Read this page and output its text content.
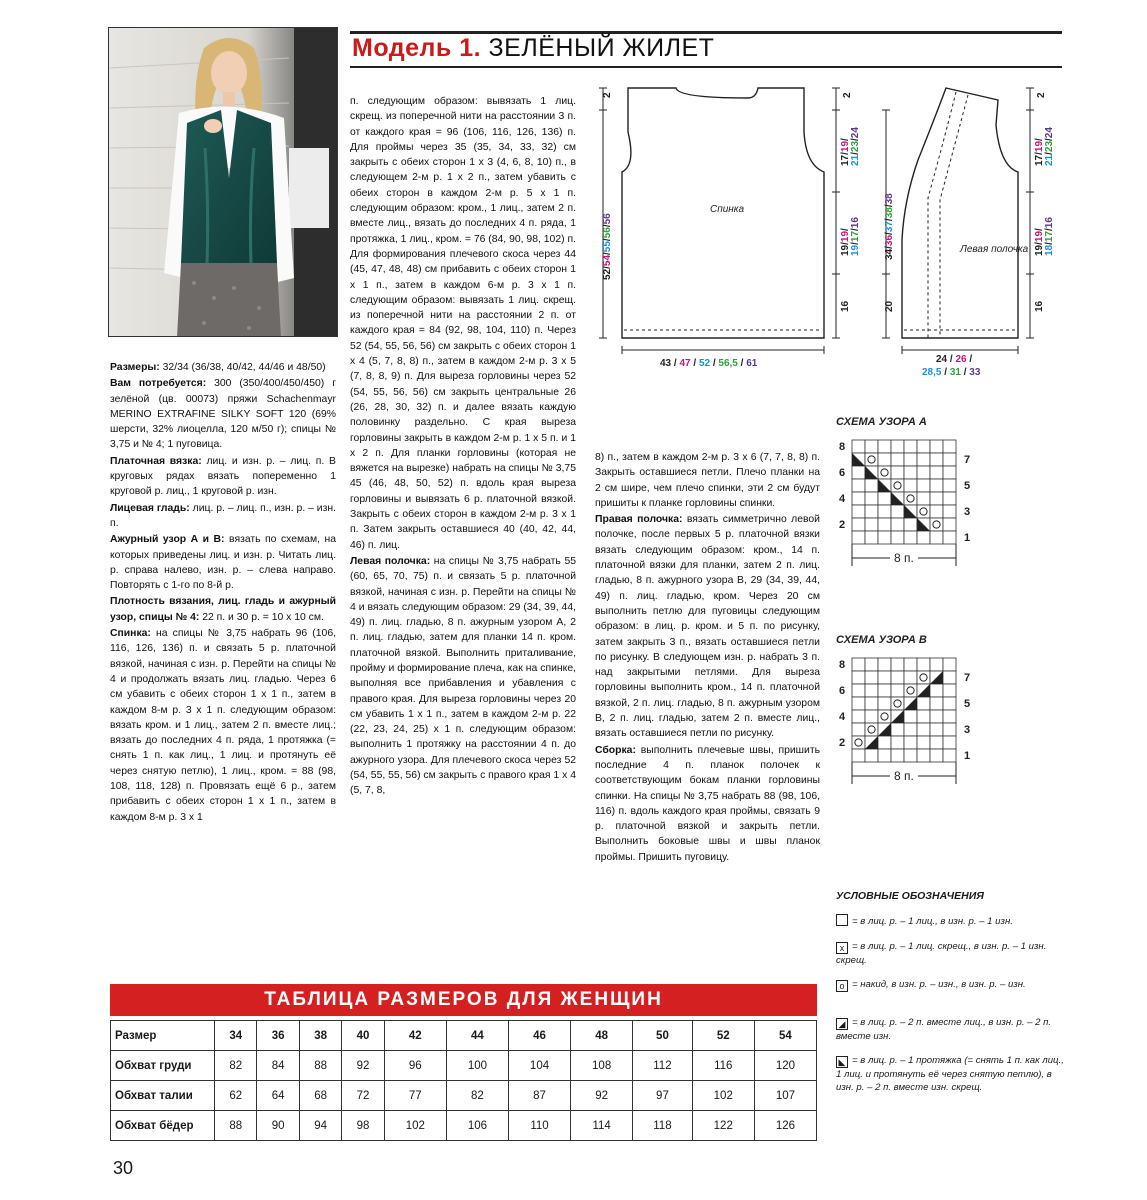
Модель 1. ЗЕЛЁНЫЙ ЖИЛЕТ

Размеры: 32/34 (36/38, 40/42, 44/46 и 48/50)

Вам потребуется: 300 (350/400/450/450) г зелёной (цв. 00073) пряжи Schachenmayr MERINO EXTRAFINE SILKY SOFT 120 (69% шерсти, 32% лиоцелла, 120 м/50 г); спицы № 3,75 и № 4; 1 пуговица.

Платочная вязка: лиц. и изн. р. – лиц. п. В круговых рядах вязать попеременно 1 круговой р. лиц., 1 круговой р. изн.

Лицевая гладь: лиц. р. – лиц. п., изн. р. – изн. п.

Ажурный узор А и В: вязать по схемам, на которых приведены лиц. и изн. р. Читать лиц. р. справа налево, изн. р. – слева направо. Повторять с 1-го по 8-й р.

Плотность вязания, лиц. гладь и ажурный узор, спицы № 4: 22 п. и 30 р. = 10 х 10 см.

Спинка: на спицы № 3,75 набрать 96 (106, 116, 126, 136) п. и связать 5 р. платочной вязкой, начиная с изн. р. Перейти на спицы № 4 и продолжать вязать лиц. гладью. Через 6 см убавить с обеих сторон 1 х 1 п., затем в каждом 8-м р. 3 х 1 п. следующим образом: вязать кром. и 1 лиц., затем 2 п. вместе лиц.; вязать до последних 4 п. ряда, 1 протяжка (= снять 1 п. как лиц., 1 лиц. и протянуть её через снятую петлю), 1 лиц., кром. = 88 (98, 108, 118, 128) п. Провязать ещё 6 р., затем прибавить с обеих сторон 1 х 1 п., затем в каждом 8-м р. 3 х 1

п. следующим образом: вывязать 1 лиц. скрещ. из поперечной нити на расстоянии 3 п. от каждого края = 96 (106, 116, 126, 136) п. Для проймы через 35 (35, 34, 33, 32) см закрыть с обеих сторон 1 х 3 (4, 6, 8, 10) п., в следующем 2-м р. 1 х 2 п., затем убавить с обеих сторон в каждом 2-м р. 5 х 1 п. следующим образом: кром., 1 лиц., затем 2 п. вместе лиц., вязать до последних 4 п. ряда, 1 протяжка, 1 лиц., кром. = 76 (84, 90, 98, 102) п. Для формирования плечевого скоса через 44 (45, 47, 48, 48) см прибавить с обеих сторон 1 х 1 п., затем в каждом 6-м р. 3 х 1 п. следующим образом: вывязать 1 лиц. скрещ. из поперечной нити на расстоянии 2 п. от каждого края = 84 (92, 98, 104, 110) п. Через 52 (54, 55, 56, 56) см закрыть с обеих сторон 1 х 4 (5, 7, 8, 8) п., затем в каждом 2-м р. 3 х 5 (7, 8, 8, 9) п. Для выреза горловины через 52 (54, 55, 56, 56) см закрыть центральные 26 (26, 28, 30, 32) п. и далее вязать каждую половинку раздельно. С края выреза горловины закрыть в каждом 2-м р. 1 х 5 п. и 1 х 2 п. Для планки горловины (которая не вяжется на вырезке) набрать на спицы № 3,75 45 (46, 48, 50, 52) п. вдоль края выреза горловины и вывязать 6 р. платочной вязкой. Закрыть с обеих сторон в каждом 2-м р. 3 х 1 п. Затем закрыть оставшиеся 40 (40, 42, 44, 46) п. лиц.

Левая полочка: на спицы № 3,75 набрать 55 (60, 65, 70, 75) п. и связать 5 р. платочной вязкой, начиная с изн. р. Перейти на спицы № 4 и вязать следующим образом: 29 (34, 39, 44, 49) п. лиц. гладью, 8 п. ажурным узором А, 2 п. лиц. гладью, затем для планки 14 п. кром. платочной вязкой. Выполнить приталивание, пройму и формирование плеча, как на спинке, выполняя все прибавления и убавления с правого края. Для выреза горловины через 20 см убавить 1 х 1 п., затем в каждом 2-м р. 22 (22, 23, 24, 25) х 1 п. следующим образом: выполнить 1 протяжку на расстоянии 4 п. до ажурного узора. Для плечевого скоса через 52 (54, 55, 55, 56) см закрыть с правого края 1 х 4 (5, 7, 8,

8) п., затем в каждом 2-м р. 3 х 6 (7, 7, 8, 8) п. Закрыть оставшиеся петли. Плечо планки на 2 см шире, чем плечо спинки, эти 2 см будут пришиты к планке горловины спинки.

Правая полочка: вязать симметрично левой полочке, после первых 5 р. платочной вязки вязать следующим образом: кром., 14 п. платочной вязки для планки, затем 2 п. лиц. гладью, 8 п. ажурного узора В, 29 (34, 39, 44, 49) п. лиц. гладью, кром. Через 20 см выполнить петлю для пуговицы следующим образом: в лиц. р. кром. и 5 п. по рисунку, затем закрыть 3 п., вязать оставшиеся петли по рисунку. В следующем изн. р. набрать 3 п. над закрытыми петлями. Для выреза горловины выполнить кром., 14 п. платочной вязкой, 2 п. лиц. гладью, 8 п. ажурным узором В, 2 п. лиц. гладью, затем 2 п. вместе лиц., вязать оставшиеся петли по рисунку.

Сборка: выполнить плечевые швы, пришить последние 4 п. планок полочек к соответствующим бокам планки горловины спинки. На спицы № 3,75 набрать 88 (98, 106, 116) п. вдоль каждого края проймы, связать 9 р. платочной вязкой и закрыть петли. Выполнить боковые швы и швы планок проймы. Пришить пуговицу.

Спинка
2	2
52/54/55/56/56
17/19/
21/23/24
19/19/
19/17/16
16
43 / 47 / 52 / 56,5 / 61
Левая полочка
2
34/36/37/38/38
20
17/19/
21/23/24
19/19/
18/17/16
16
24 / 26 /
28,5 / 31 / 33
СХЕМА УЗОРА А
8
6
4
2
7
5
3
1
8 п.
СХЕМА УЗОРА В
8
6
4
2
7
5
3
1
8 п.
УСЛОВНЫЕ ОБОЗНАЧЕНИЯ
= в лиц. р. – 1 лиц., в изн. р. – 1 изн.
х = в лиц. р. – 1 лиц. скрещ., в изн. р. – 1 изн. скрещ.
o = накид, в изн. р. – изн., в изн. р. – изн.
◢ = в лиц. р. – 2 п. вместе лиц., в изн. р. – 2 п. вместе изн.
◣ = в лиц. р. – 1 протяжка (= снять 1 п. как лиц., 1 лиц. и протянуть её через снятую петлю), в изн. р. – 2 п. вместе изн. скрещ.
ТАБЛИЦА РАЗМЕРОВ ДЛЯ ЖЕНЩИН
Размер	34	36	38	40	42	44	46	48	50	52	54
Обхват груди	82	84	88	92	96	100	104	108	112	116	120
Обхват талии	62	64	68	72	77	82	87	92	97	102	107
Обхват бёдер	88	90	94	98	102	106	110	114	118	122	126
30
